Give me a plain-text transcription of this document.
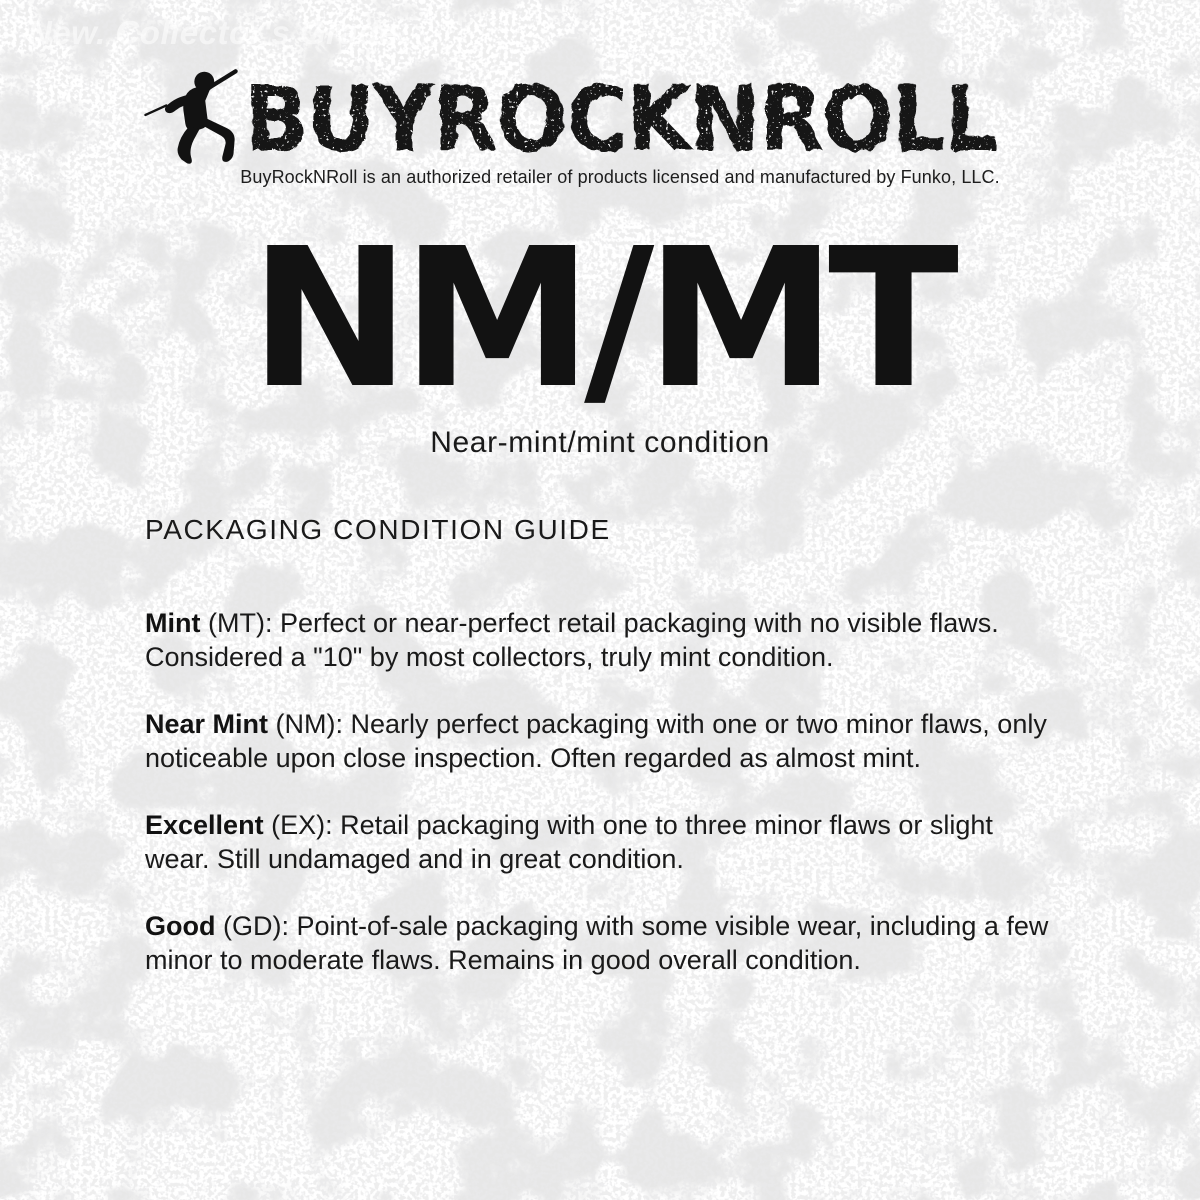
New. Collector's Grade.
BUYROCKNROLL
BuyRockNRoll is an authorized retailer of products licensed and manufactured by Funko, LLC.
NM/MT

Near-mint/mint condition

PACKAGING CONDITION GUIDE

Mint (MT): Perfect or near-perfect retail packaging with no visible flaws. Considered a "10" by most collectors, truly mint condition.

Near Mint (NM): Nearly perfect packaging with one or two minor flaws, only noticeable upon close inspection. Often regarded as almost mint.

Excellent (EX): Retail packaging with one to three minor flaws or slight wear. Still undamaged and in great condition.

Good (GD): Point-of-sale packaging with some visible wear, including a few minor to moderate flaws. Remains in good overall condition.
